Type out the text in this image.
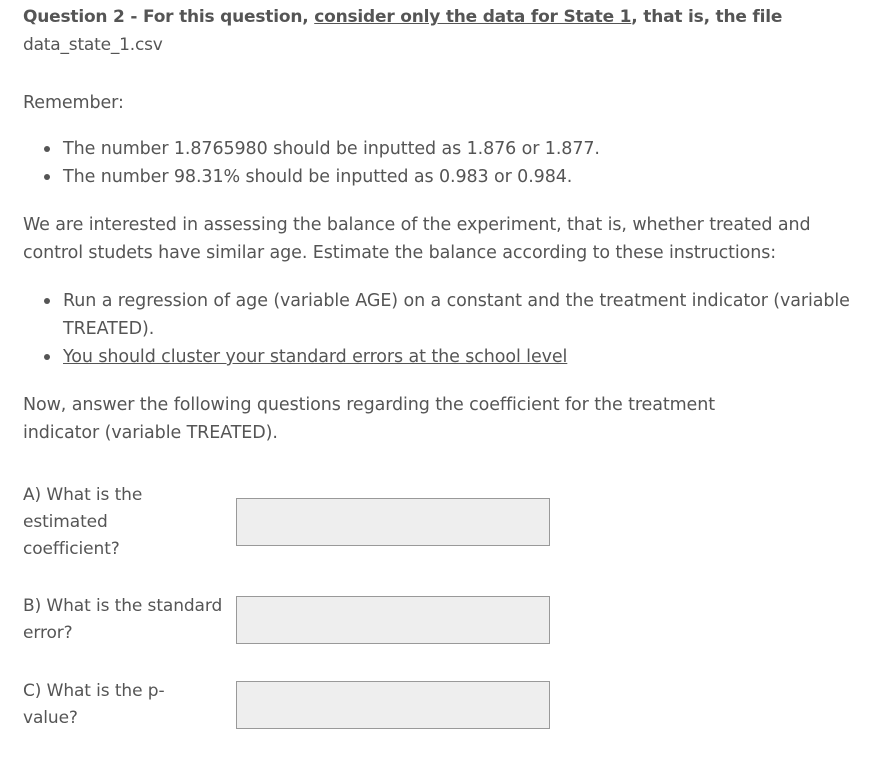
Question 2 - For this question, consider only the data for State 1, that is, the file data_state_1.csv

Remember:

The number 1.8765980 should be inputted as 1.876 or 1.877.
The number 98.31% should be inputted as 0.983 or 0.984.

We are interested in assessing the balance of the experiment, that is, whether treated and control studets have similar age. Estimate the balance according to these instructions:

Run a regression of age (variable AGE) on a constant and the treatment indicator (variable TREATED).
You should cluster your standard errors at the school level

Now, answer the following questions regarding the coefficient for the treatment indicator (variable TREATED).

A) What is the estimated coefficient?
B) What is the standard error?
C) What is the p-value?
